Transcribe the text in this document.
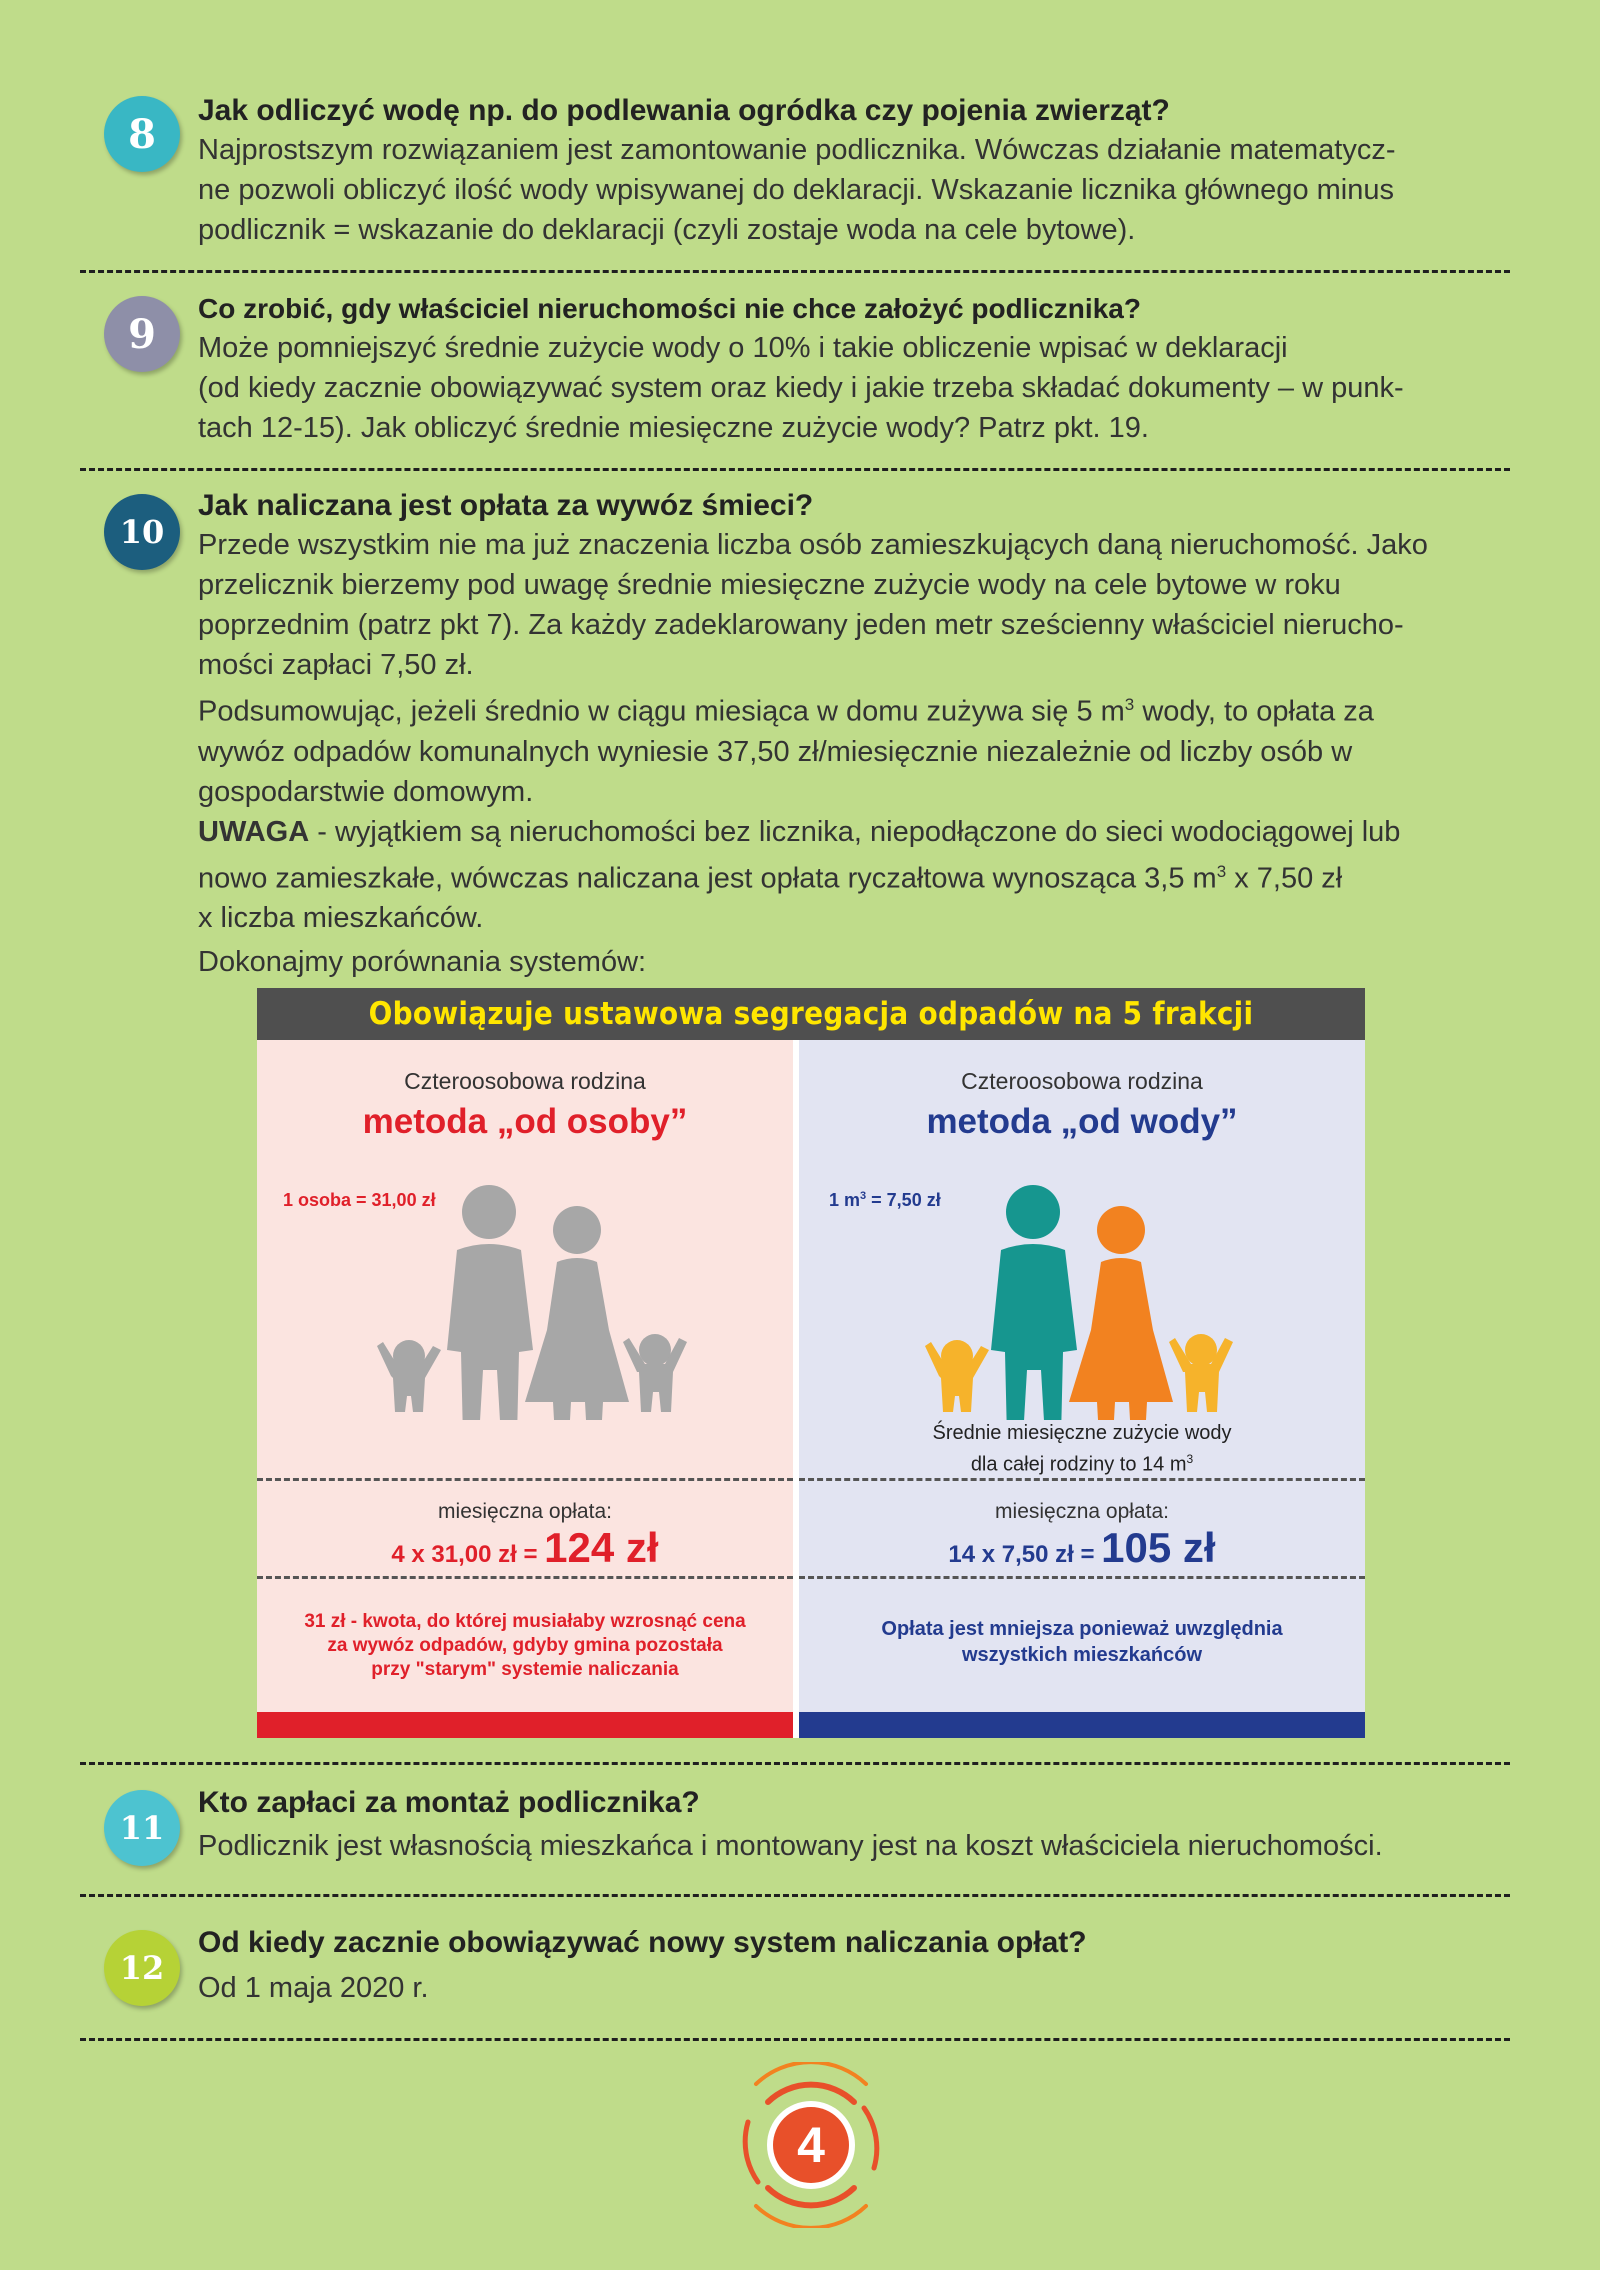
8 Jak odliczyć wodę np. do podlewania ogródka czy pojenia zwierząt?

Najprostszym rozwiązaniem jest zamontowanie podlicznika. Wówczas działanie matematycz-

ne pozwoli obliczyć ilość wody wpisywanej do deklaracji. Wskazanie licznika głównego minus

podlicznik = wskazanie do deklaracji (czyli zostaje woda na cele bytowe).

9
Co zrobić, gdy właściciel nieruchomości nie chce założyć podlicznika?

Może pomniejszyć średnie zużycie wody o 10% i takie obliczenie wpisać w deklaracji

(od kiedy zacznie obowiązywać system oraz kiedy i jakie trzeba składać dokumenty – w punk-

tach 12-15). Jak obliczyć średnie miesięczne zużycie wody? Patrz pkt. 19.

10
Jak naliczana jest opłata za wywóz śmieci?

Przede wszystkim nie ma już znaczenia liczba osób zamieszkujących daną nieruchomość. Jako

przelicznik bierzemy pod uwagę średnie miesięczne zużycie wody na cele bytowe w roku

poprzednim (patrz pkt 7). Za każdy zadeklarowany jeden metr sześcienny właściciel nierucho-

mości zapłaci 7,50 zł.

Podsumowując, jeżeli średnio w ciągu miesiąca w domu zużywa się 5 $m^3$ wody, to opłata za

wywóz odpadów komunalnych wyniesie 37,50 zł/miesięcznie niezależnie od liczby osób w

gospodarstwie domowym.

UWAGA - wyjątkiem są nieruchomości bez licznika, niepodłączone do sieci wodociągowej lub

nowo zamieszkałe, wówczas naliczana jest opłata ryczałtowa wynosząca 3,5 $m^3$ x 7,50 zł

x liczba mieszkańców.

Dokonajmy porównania systemów:

Obowiązuje ustawowa segregacja odpadów na 5 frakcji
Czteroosobowa rodzina
metoda „od osoby”
1 osoba = 31,00 zł
miesięczna opłata:
4 x 31,00 zł = 124 zł
31 zł - kwota, do której musiałaby wzrosnąć cena
za wywóz odpadów, gdyby gmina pozostała
przy "starym" systemie naliczania
Czteroosobowa rodzina
metoda „od wody”
1 $m^3 = 7,50$ zł
Średnie miesięczne zużycie wody
dla całej rodziny to 14 $m^3$
miesięczna opłata:
14 x 7,50 zł = 105 zł
Opłata jest mniejsza ponieważ uwzględnia
wszystkich mieszkańców
11
Kto zapłaci za montaż podlicznika?

Podlicznik jest własnością mieszkańca i montowany jest na koszt właściciela nieruchomości.

12
Od kiedy zacznie obowiązywać nowy system naliczania opłat?

Od 1 maja 2020 r.

4
